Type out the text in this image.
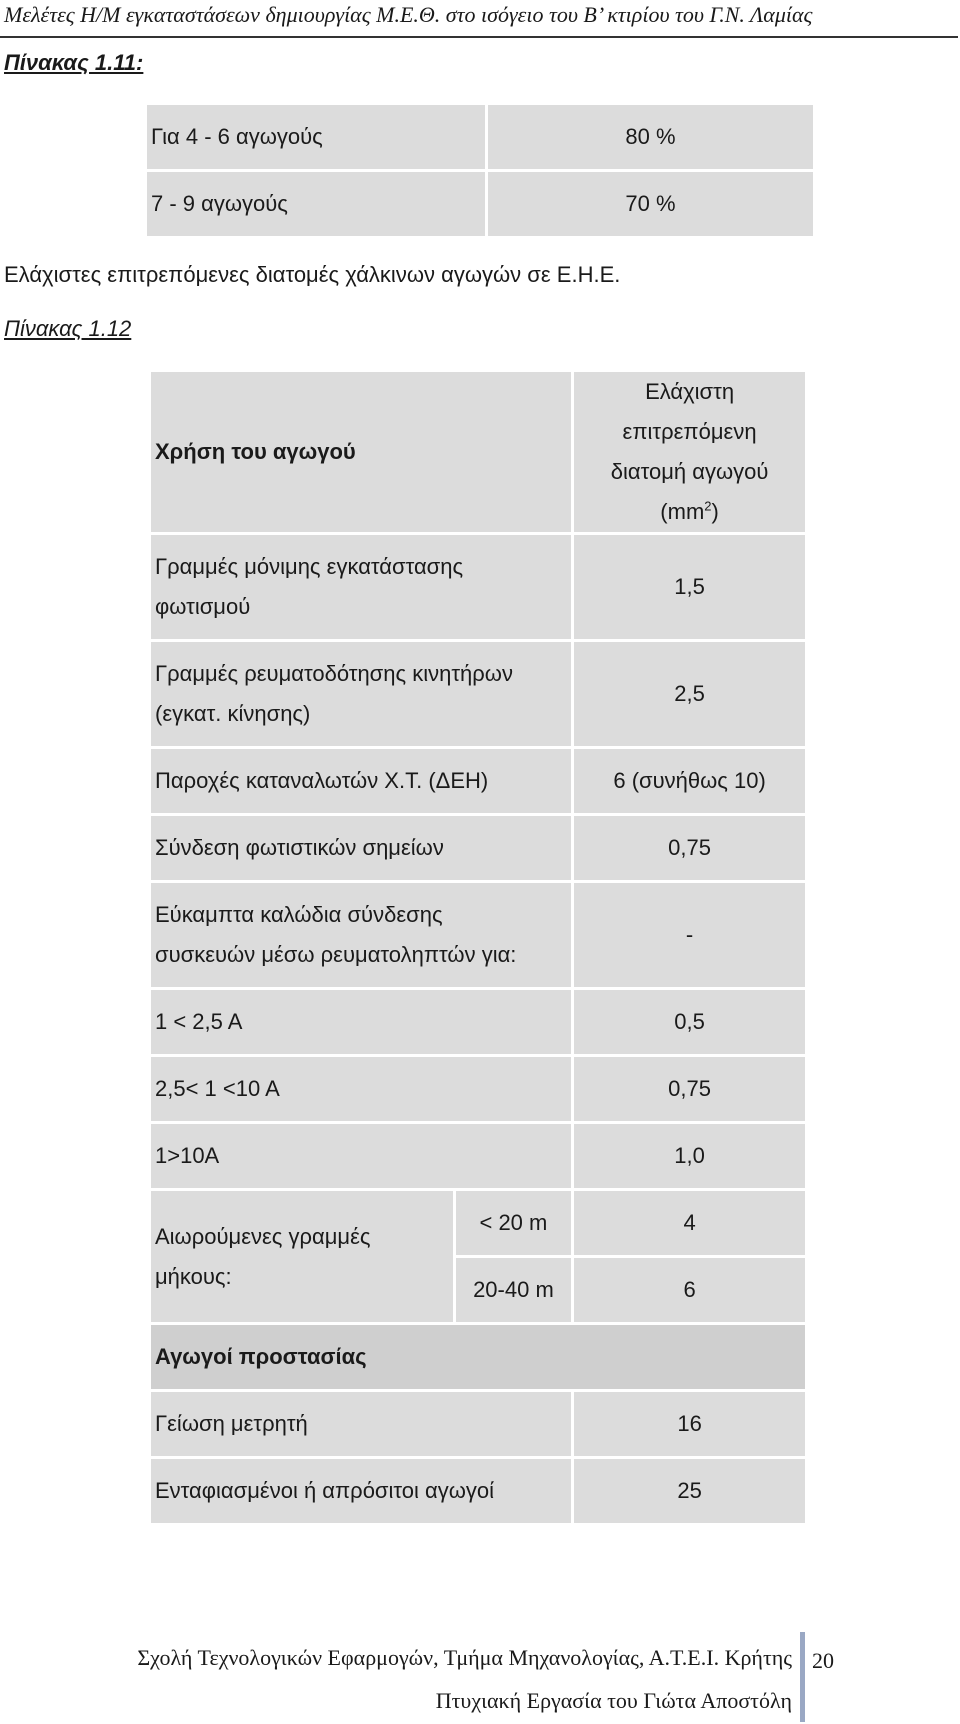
Μελέτες Η/Μ εγκαταστάσεων δημιουργίας Μ.Ε.Θ. στο ισόγειο του Β’ κτιρίου του Γ.Ν. Λαμίας
Πίνακας 1.11:
Για 4 - 6 αγωγούς	80 %
7 - 9 αγωγούς	70 %
Ελάχιστες επιτρεπόμενες διατομές χάλκινων αγωγών σε Ε.Η.Ε.
Πίνακας 1.12
Χρήση του αγωγού		Ελάχιστη
επιτρεπόμενη
διατομή αγωγού
$(mm^2)$

Γραμμές μόνιμης εγκατάστασης
φωτισμού		1,5

Γραμμές ρευματοδότησης κινητήρων
(εγκατ. κίνησης)		2,5
Παροχές καταναλωτών Χ.Τ. (ΔΕΗ)		6 (συνήθως 10)
Σύνδεση φωτιστικών σημείων		0,75

Εύκαμπτα καλώδια σύνδεσης
συσκευών μέσω ρευματοληπτών για:		-
1 < 2,5 A		0,5
2,5< 1 <10 A		0,75
1>10A		1,0

Αιωρούμενες γραμμές
μήκους:	< 20 m	4
	20-40 m	6
Αγωγοί προστασίας		
Γείωση μετρητή		16
Ενταφιασμένοι ή απρόσιτοι αγωγοί		25
Σχολή Τεχνολογικών Εφαρμογών, Τμήμα Μηχανολογίας, Α.Τ.Ε.Ι. Κρήτης
Πτυχιακή Εργασία του Γιώτα Αποστόλη
20
